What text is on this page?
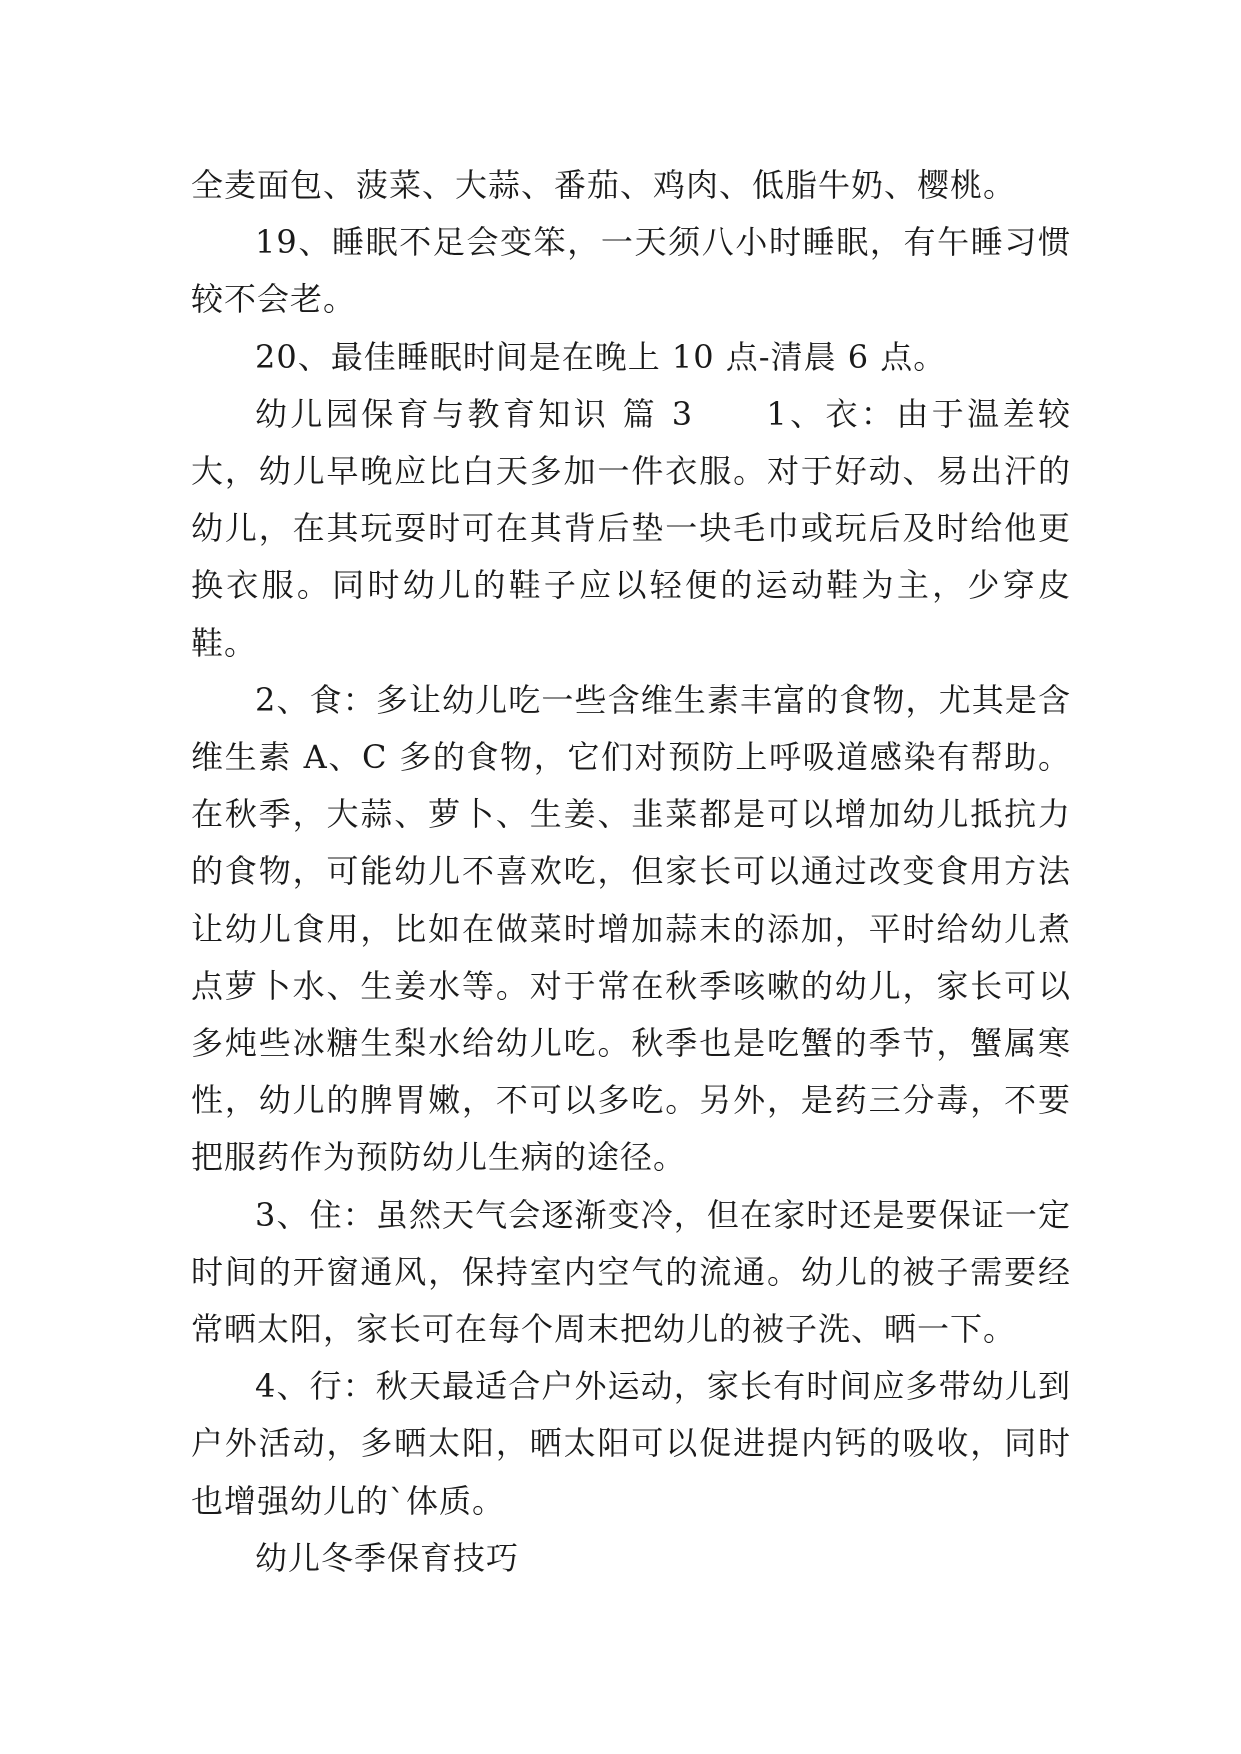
全麦面包、菠菜、大蒜、番茄、鸡肉、低脂牛奶、樱桃。

19、睡眠不足会变笨，一天须八小时睡眠，有午睡习惯较不会老。

20、最佳睡眠时间是在晚上 10 点-清晨 6 点。

幼儿园保育与教育知识 篇 3　　1、衣：由于温差较大，幼儿早晚应比白天多加一件衣服。对于好动、易出汗的幼儿，在其玩耍时可在其背后垫一块毛巾或玩后及时给他更换衣服。同时幼儿的鞋子应以轻便的运动鞋为主，少穿皮鞋。

2、食：多让幼儿吃一些含维生素丰富的食物，尤其是含维生素 A、C 多的食物，它们对预防上呼吸道感染有帮助。在秋季，大蒜、萝卜、生姜、韭菜都是可以增加幼儿抵抗力的食物，可能幼儿不喜欢吃，但家长可以通过改变食用方法让幼儿食用，比如在做菜时增加蒜末的添加，平时给幼儿煮点萝卜水、生姜水等。对于常在秋季咳嗽的幼儿，家长可以多炖些冰糖生梨水给幼儿吃。秋季也是吃蟹的季节，蟹属寒性，幼儿的脾胃嫩，不可以多吃。另外，是药三分毒，不要把服药作为预防幼儿生病的途径。

3、住：虽然天气会逐渐变冷，但在家时还是要保证一定时间的开窗通风，保持室内空气的流通。幼儿的被子需要经常晒太阳，家长可在每个周末把幼儿的被子洗、晒一下。

4、行：秋天最适合户外运动，家长有时间应多带幼儿到户外活动，多晒太阳，晒太阳可以促进提内钙的吸收，同时也增强幼儿的`体质。

幼儿冬季保育技巧
